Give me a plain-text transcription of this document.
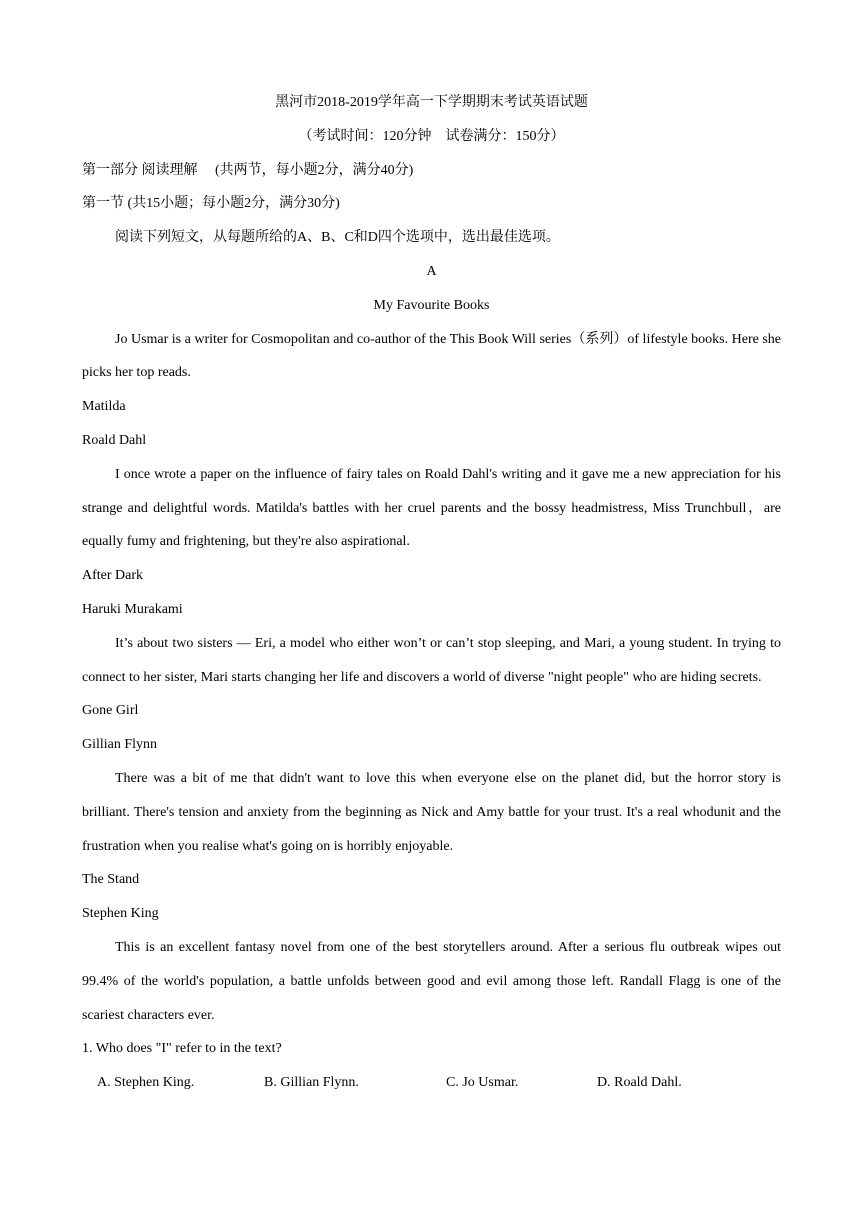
黑河市2018-2019学年高一下学期期末考试英语试题
（考试时间：120分钟　试卷满分：150分）
第一部分 阅读理解　 (共两节，每小题2分，满分40分)
第一节 (共15小题；每小题2分，满分30分)
阅读下列短文，从每题所给的A、B、C和D四个选项中，选出最佳选项。
A
My Favourite Books

Jo Usmar is a writer for Cosmopolitan and co-author of the This Book Will series（系列）of lifestyle books. Here she picks her top reads.

Matilda
Roald Dahl

I once wrote a paper on the influence of fairy tales on Roald Dahl's writing and it gave me a new appreciation for his strange and delightful words. Matilda's battles with her cruel parents and the bossy headmistress, Miss Trunchbull，are equally fumy and frightening, but they're also aspirational.

After Dark
Haruki Murakami

It’s about two sisters — Eri, a model who either won’t or can’t stop sleeping, and Mari, a young student. In trying to connect to her sister, Mari starts changing her life and discovers a world of diverse "night people" who are hiding secrets.

Gone Girl
Gillian Flynn

There was a bit of me that didn't want to love this when everyone else on the planet did, but the horror story is brilliant. There's tension and anxiety from the beginning as Nick and Amy battle for your trust. It's a real whodunit and the frustration when you realise what's going on is horribly enjoyable.

The Stand
Stephen King

This is an excellent fantasy novel from one of the best storytellers around. After a serious flu outbreak wipes out 99.4% of the world's population, a battle unfolds between good and evil among those left. Randall Flagg is one of the scariest characters ever.

1. Who does "I" refer to in the text?
A. Stephen King.	B. Gillian Flynn.	C. Jo Usmar.	D. Roald Dahl.
